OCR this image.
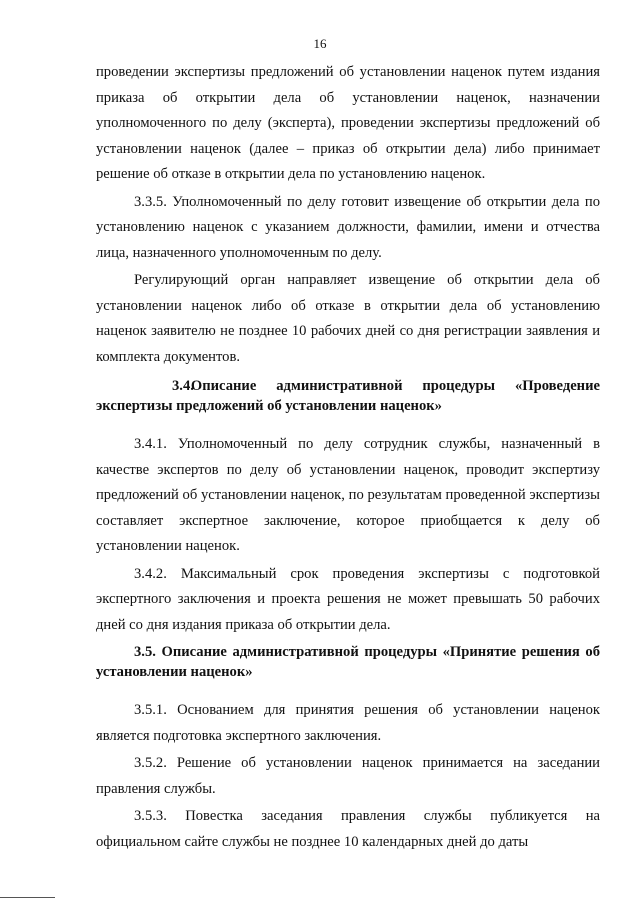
16

проведении экспертизы предложений об установлении наценок путем издания приказа об открытии дела об установлении наценок, назначении уполномоченного по делу (эксперта), проведении экспертизы предложений об установлении наценок (далее – приказ об открытии дела) либо принимает решение об отказе в открытии дела по установлению наценок.

3.3.5. Уполномоченный по делу готовит извещение об открытии дела по установлению наценок с указанием должности, фамилии, имени и отчества лица, назначенного уполномоченным по делу.

Регулирующий орган направляет извещение об открытии дела об установлении наценок либо об отказе в открытии дела об установлению наценок заявителю не позднее 10 рабочих дней со дня регистрации заявления и комплекта документов.

3.4. Описание административной процедуры «Проведение экспертизы предложений об установлении наценок»

3.4.1. Уполномоченный по делу сотрудник службы, назначенный в качестве экспертов по делу об установлении наценок, проводит экспертизу предложений об установлении наценок, по результатам проведенной экспертизы составляет экспертное заключение, которое приобщается к делу об установлении наценок.

3.4.2. Максимальный срок проведения экспертизы с подготовкой экспертного заключения и проекта решения не может превышать 50 рабочих дней со дня издания приказа об открытии дела.

3.5. Описание административной процедуры «Принятие решения об установлении наценок»

3.5.1. Основанием для принятия решения об установлении наценок является подготовка экспертного заключения.

3.5.2. Решение об установлении наценок принимается на заседании правления службы.

3.5.3. Повестка заседания правления службы публикуется на официальном сайте службы не позднее 10 календарных дней до даты
